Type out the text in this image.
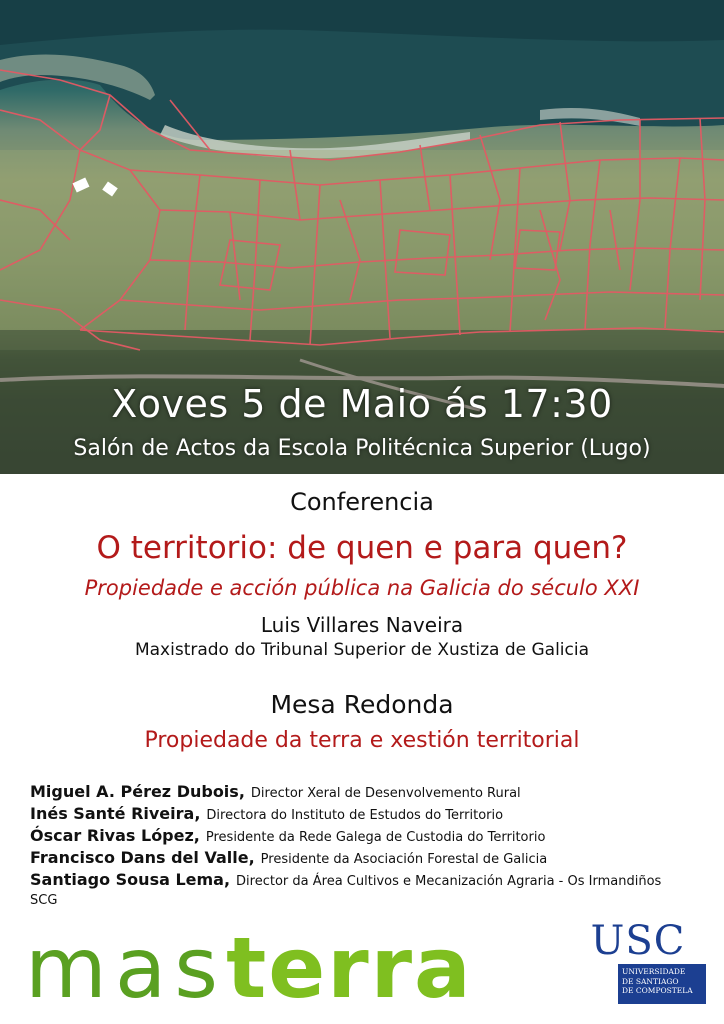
Xoves 5 de Maio ás 17:30
Salón de Actos da Escola Politécnica Superior (Lugo)
Conferencia
O territorio: de quen e para quen?
Propiedade e acción pública na Galicia do século XXI
Luis Villares Naveira
Maxistrado do Tribunal Superior de Xustiza de Galicia
Mesa Redonda
Propiedade da terra e xestión territorial
Miguel A. Pérez Dubois, Director Xeral de Desenvolvemento Rural
Inés Santé Riveira, Directora do Instituto de Estudos do Territorio
Óscar Rivas López, Presidente da Rede Galega de Custodia do Territorio
Francisco Dans del Valle, Presidente da Asociación Forestal de Galicia
Santiago Sousa Lema, Director da Área Cultivos e Mecanización Agraria - Os Irmandiños
SCG
masterra	USC
UNIVERSIDADE
DE SANTIAGO
DE COMPOSTELA
